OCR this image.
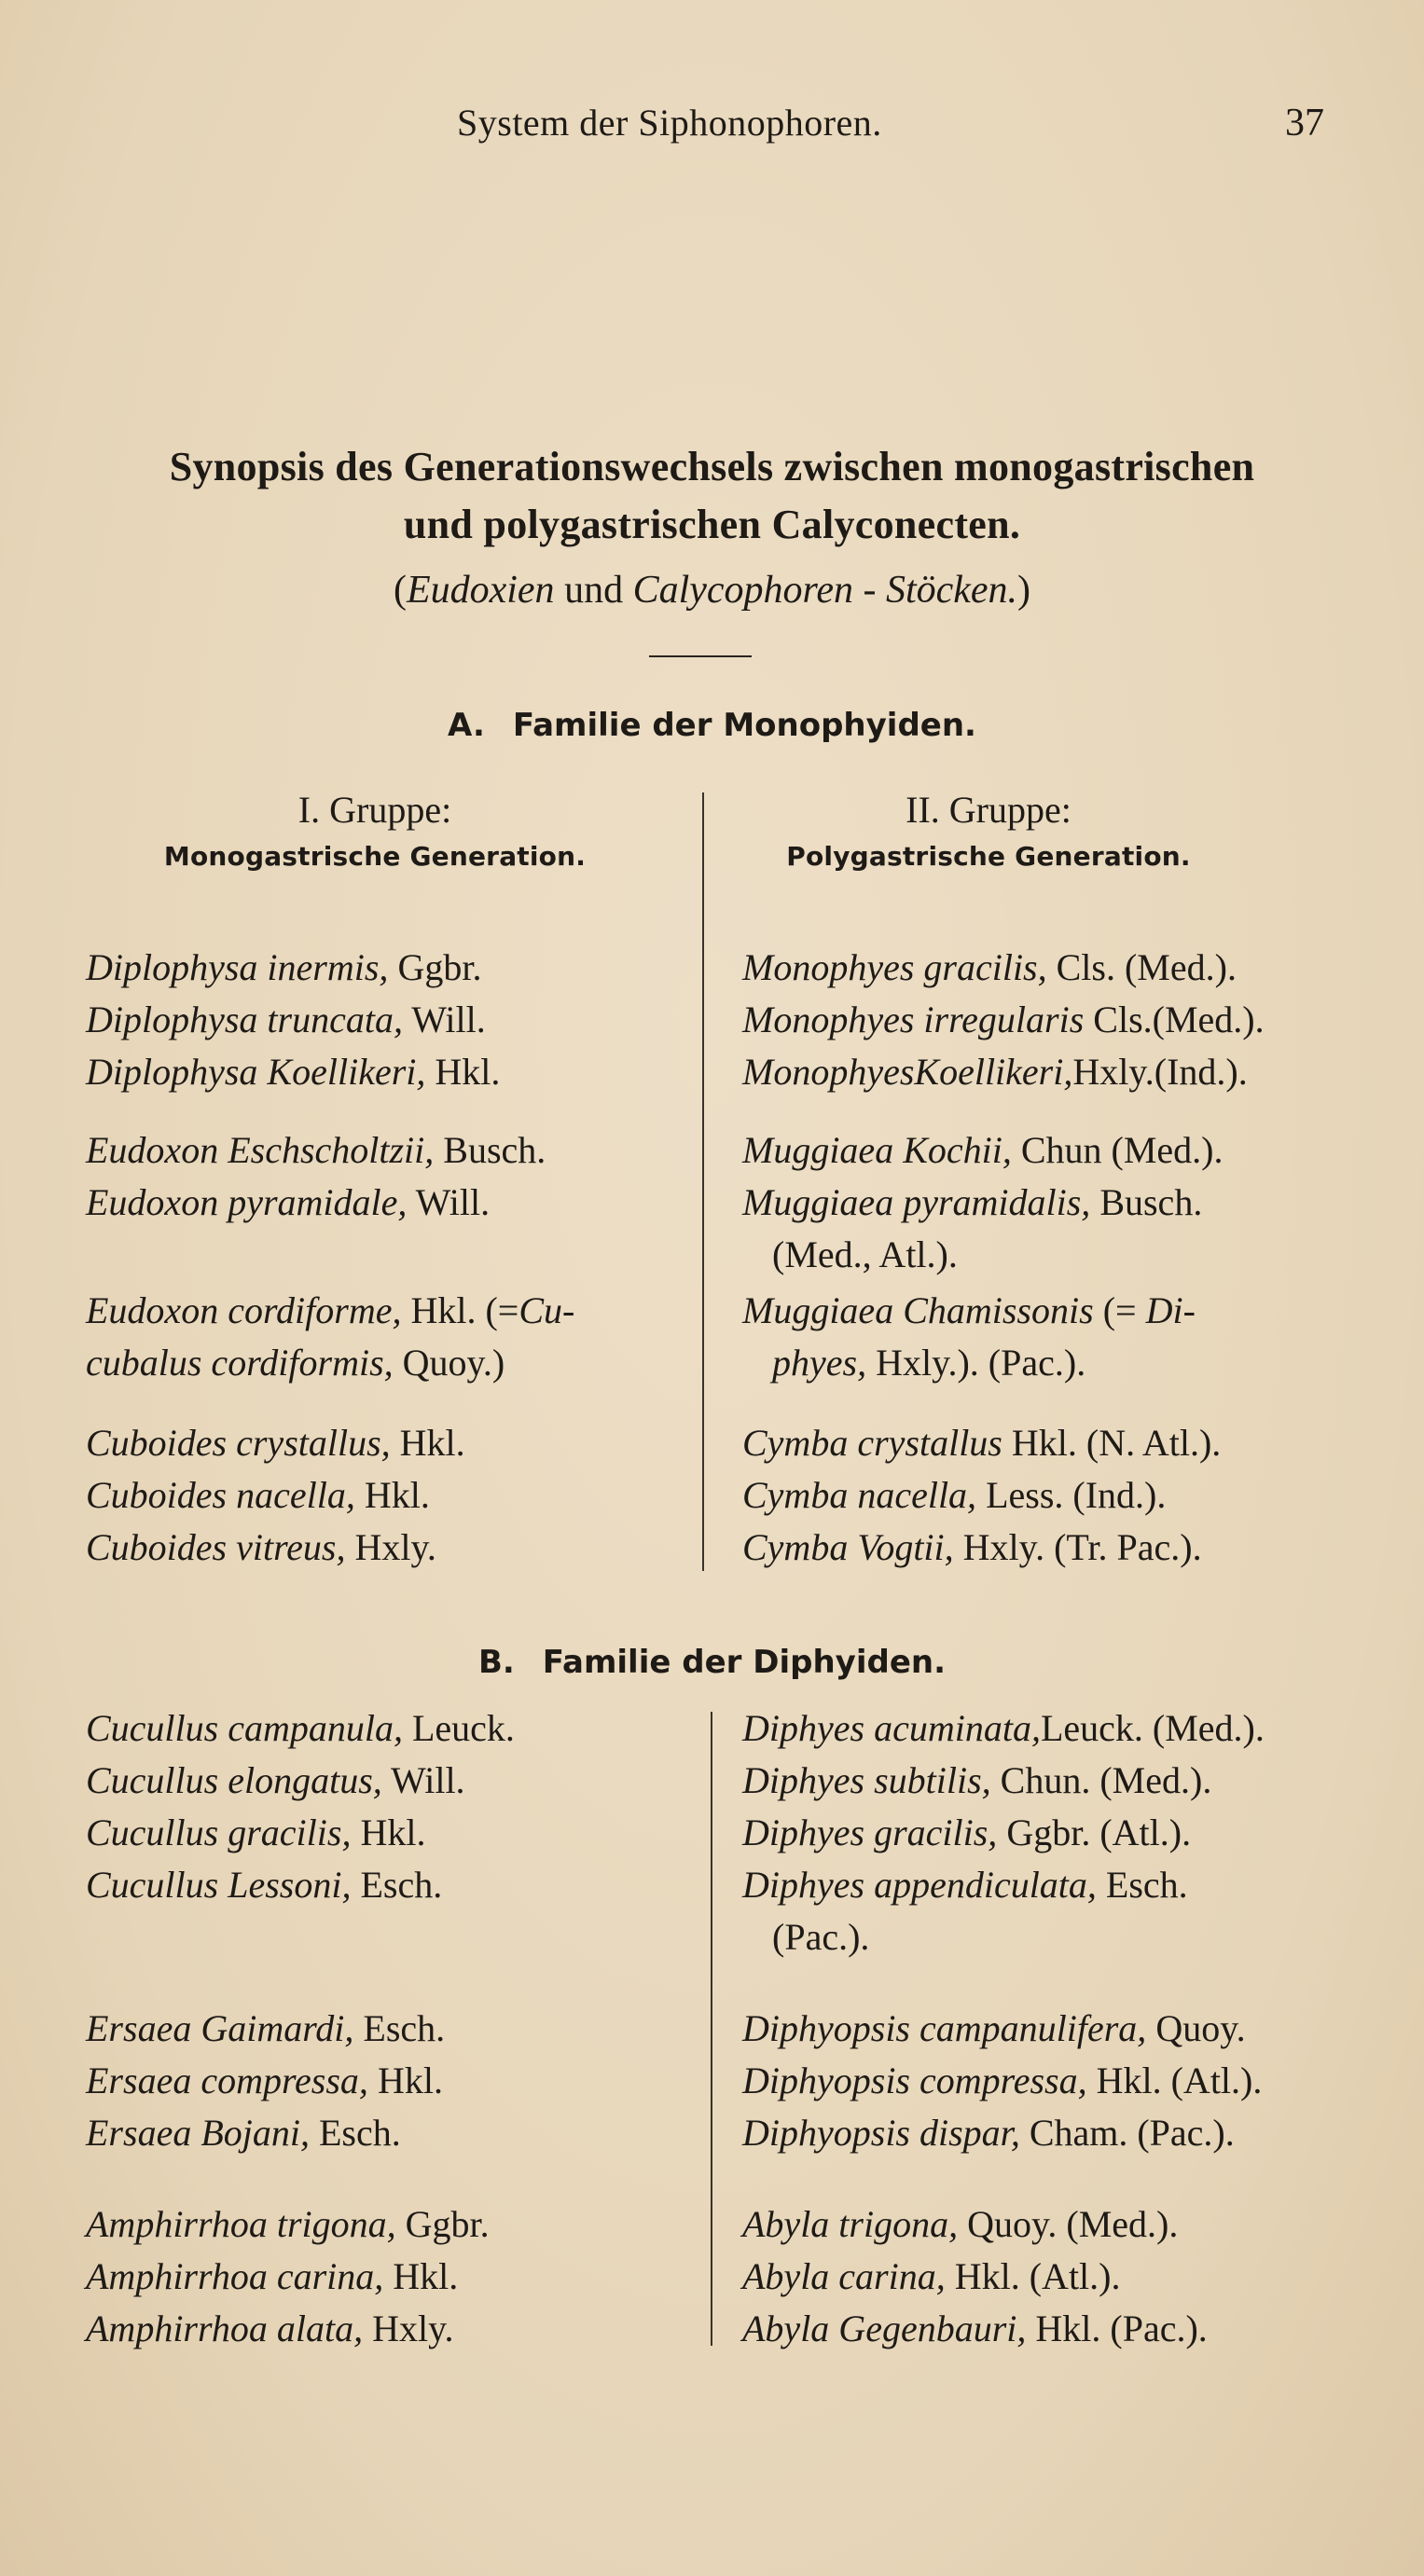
System der Siphonophoren.	37
Synopsis des Generationswechsels zwischen monogastrischen
und polygastrischen Calyconecten.
(Eudoxien und Calycophoren - Stöcken.)
A. Familie der Monophyiden.
I. Gruppe:
Monogastrische Generation.
II. Gruppe:
Polygastrische Generation.
Diplophysa inermis, Ggbr.
Diplophysa truncata, Will.
Diplophysa Koellikeri, Hkl.
Eudoxon Eschscholtzii, Busch.
Eudoxon pyramidale, Will.
Eudoxon cordiforme, Hkl. (=Cu-
cubalus cordiformis, Quoy.)
Cuboides crystallus, Hkl.
Cuboides nacella, Hkl.
Cuboides vitreus, Hxly.
Monophyes gracilis, Cls. (Med.).
Monophyes irregularis Cls.(Med.).
MonophyesKoellikeri,Hxly.(Ind.).
Muggiaea Kochii, Chun (Med.).
Muggiaea pyramidalis, Busch.
(Med., Atl.).
Muggiaea Chamissonis (= Di-
phyes, Hxly.). (Pac.).
Cymba crystallus Hkl. (N. Atl.).
Cymba nacella, Less. (Ind.).
Cymba Vogtii, Hxly. (Tr. Pac.).
B. Familie der Diphyiden.
Cucullus campanula, Leuck.
Cucullus elongatus, Will.
Cucullus gracilis, Hkl.
Cucullus Lessoni, Esch.
Ersaea Gaimardi, Esch.
Ersaea compressa, Hkl.
Ersaea Bojani, Esch.
Amphirrhoa trigona, Ggbr.
Amphirrhoa carina, Hkl.
Amphirrhoa alata, Hxly.
Diphyes acuminata,Leuck. (Med.).
Diphyes subtilis, Chun. (Med.).
Diphyes gracilis, Ggbr. (Atl.).
Diphyes appendiculata, Esch.
(Pac.).
Diphyopsis campanulifera, Quoy.
Diphyopsis compressa, Hkl. (Atl.).
Diphyopsis dispar, Cham. (Pac.).
Abyla trigona, Quoy. (Med.).
Abyla carina, Hkl. (Atl.).
Abyla Gegenbauri, Hkl. (Pac.).
